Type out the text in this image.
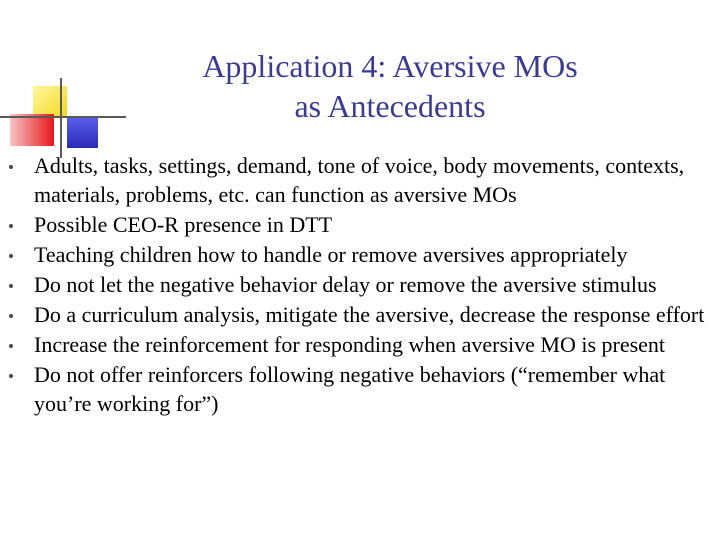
Application 4: Aversive MOs
as Antecedents
Adults, tasks, settings, demand, tone of voice, body movements, contexts, materials, problems, etc. can function as aversive MOs
Possible CEO-R presence in DTT
Teaching children how to handle or remove aversives appropriately
Do not let the negative behavior delay or remove the aversive stimulus
Do a curriculum analysis, mitigate the aversive, decrease the response effort
Increase the reinforcement for responding when aversive MO is present
Do not offer reinforcers following negative behaviors (“remember what you’re working for”)
